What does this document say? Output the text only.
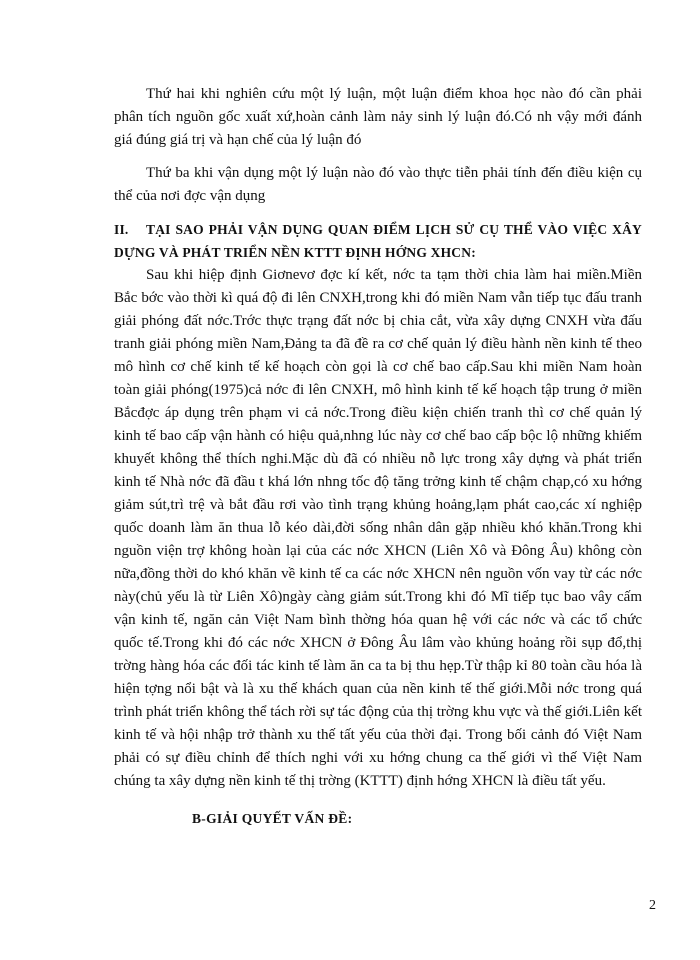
Thứ hai khi nghiên cứu một lý luận, một luận điểm khoa học nào đó cần phải phân tích nguồn gốc xuất xứ,hoàn cảnh làm nảy sinh lý luận đó.Có nh vậy mới đánh giá đúng giá trị và hạn chế của lý luận đó

Thứ ba khi vận dụng một lý luận nào đó vào thực tiễn phải tính đến điều kiện cụ thể của nơi đợc vận dụng

II. TẠI SAO PHẢI VẬN DỤNG QUAN ĐIỂM LỊCH SỬ CỤ THỂ VÀO VIỆC XÂY DỰNG VÀ PHÁT TRIỂN NỀN KTTT ĐỊNH HỚNG XHCN:

Sau khi hiệp định Giơnevơ đợc kí kết, nớc ta tạm thời chia làm hai miền.Miền Bắc bớc vào thời kì quá độ đi lên CNXH,trong khi đó miền Nam vẫn tiếp tục đấu tranh giải phóng đất nớc.Trớc thực trạng đất nớc bị chia cắt, vừa xây dựng CNXH vừa đấu tranh giải phóng miền Nam,Đảng ta đã đề ra cơ chế quản lý điều hành nền kinh tế theo mô hình cơ chế kinh tế kế hoạch còn gọi là cơ chế bao cấp.Sau khi miền Nam hoàn toàn giải phóng(1975)cả nớc đi lên CNXH, mô hình kinh tế kế hoạch tập trung ở miền Bắcđợc áp dụng trên phạm vi cả nớc.Trong điều kiện chiến tranh thì cơ chế quản lý kinh tế bao cấp vận hành có hiệu quả,nhng lúc này cơ chế bao cấp bộc lộ những khiếm khuyết không thể thích nghi.Mặc dù đã có nhiều nỗ lực trong xây dựng và phát triển kinh tế Nhà nớc đã đầu t khá lớn nhng tốc độ tăng trởng kinh tế chậm chạp,có xu hớng giảm sút,trì trệ và bắt đầu rơi vào tình trạng khủng hoảng,lạm phát cao,các xí nghiệp quốc doanh làm ăn thua lỗ kéo dài,đời sống nhân dân gặp nhiều khó khăn.Trong khi nguồn viện trợ không hoàn lại của các nớc XHCN (Liên Xô và Đông Âu) không còn nữa,đồng thời do khó khăn về kinh tế ca các nớc XHCN nên nguồn vốn vay từ các nớc này(chủ yếu là từ Liên Xô)ngày càng giảm sút.Trong khi đó Mĩ tiếp tục bao vây cấm vận kinh tế, ngăn cản Việt Nam bình thờng hóa quan hệ với các nớc và các tổ chức quốc tế.Trong khi đó các nớc XHCN ở Đông Âu lâm vào khủng hoảng rồi sụp đổ,thị trờng hàng hóa các đối tác kinh tế làm ăn ca ta bị thu hẹp.Từ thập kỉ 80 toàn cầu hóa là hiện tợng nổi bật và là xu thế khách quan của nền kinh tế thế giới.Mỗi nớc trong quá trình phát triển không thể tách rời sự tác động của thị trờng khu vực và thế giới.Liên kết kinh tế và hội nhập trở thành xu thế tất yếu của thời đại. Trong bối cảnh đó Việt Nam phải có sự điều chỉnh để thích nghi với xu hớng chung ca thế giới vì thế Việt Nam chúng ta xây dựng nền kinh tế thị trờng (KTTT) định hớng XHCN là điều tất yếu.

B-GIẢI QUYẾT VẤN ĐỀ:

2
